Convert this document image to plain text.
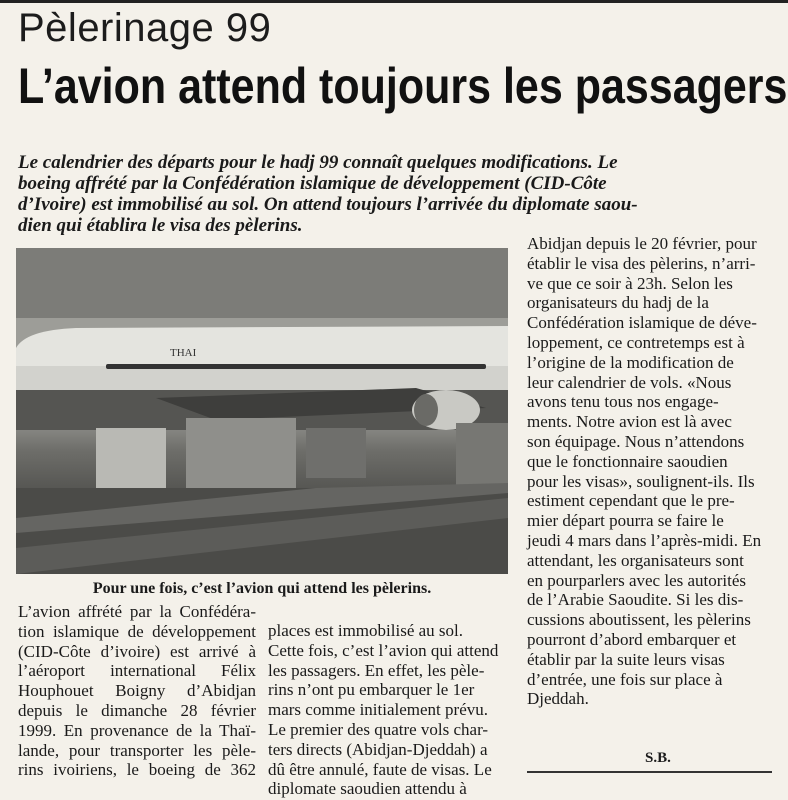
Pèlerinage 99
L’avion attend toujours les passagers
Le calendrier des départs pour le hadj 99 connaît quelques modifications. Le
boeing affrété par la Confédération islamique de développement (CID-Côte
d’Ivoire) est immobilisé au sol. On attend toujours l’arrivée du diplomate saou-
dien qui établira le visa des pèlerins.
THAI
Pour une fois, c’est l’avion qui attend les pèlerins.
L’avion affrété par la Confédéra-
tion islamique de développement
(CID-Côte d’ivoire) est arrivé à
l’aéroport international Félix
Houphouet Boigny d’Abidjan
depuis le dimanche 28 février
1999. En provenance de la Thaï-
lande, pour transporter les pèle-
rins ivoiriens, le boeing de 362
places est immobilisé au sol.
Cette fois, c’est l’avion qui attend
les passagers. En effet, les pèle-
rins n’ont pu embarquer le 1er
mars comme initialement prévu.
Le premier des quatre vols char-
ters directs (Abidjan-Djeddah) a
dû être annulé, faute de visas. Le
diplomate saoudien attendu à
Abidjan depuis le 20 février, pour
établir le visa des pèlerins, n’arri-
ve que ce soir à 23h. Selon les
organisateurs du hadj de la
Confédération islamique de déve-
loppement, ce contretemps est à
l’origine de la modification de
leur calendrier de vols. «Nous
avons tenu tous nos engage-
ments. Notre avion est là avec
son équipage. Nous n’attendons
que le fonctionnaire saoudien
pour les visas», soulignent-ils. Ils
estiment cependant que le pre-
mier départ pourra se faire le
jeudi 4 mars dans l’après-midi. En
attendant, les organisateurs sont
en pourparlers avec les autorités
de l’Arabie Saoudite. Si les dis-
cussions aboutissent, les pèlerins
pourront d’abord embarquer et
établir par la suite leurs visas
d’entrée, une fois sur place à
Djeddah.
S.B.
